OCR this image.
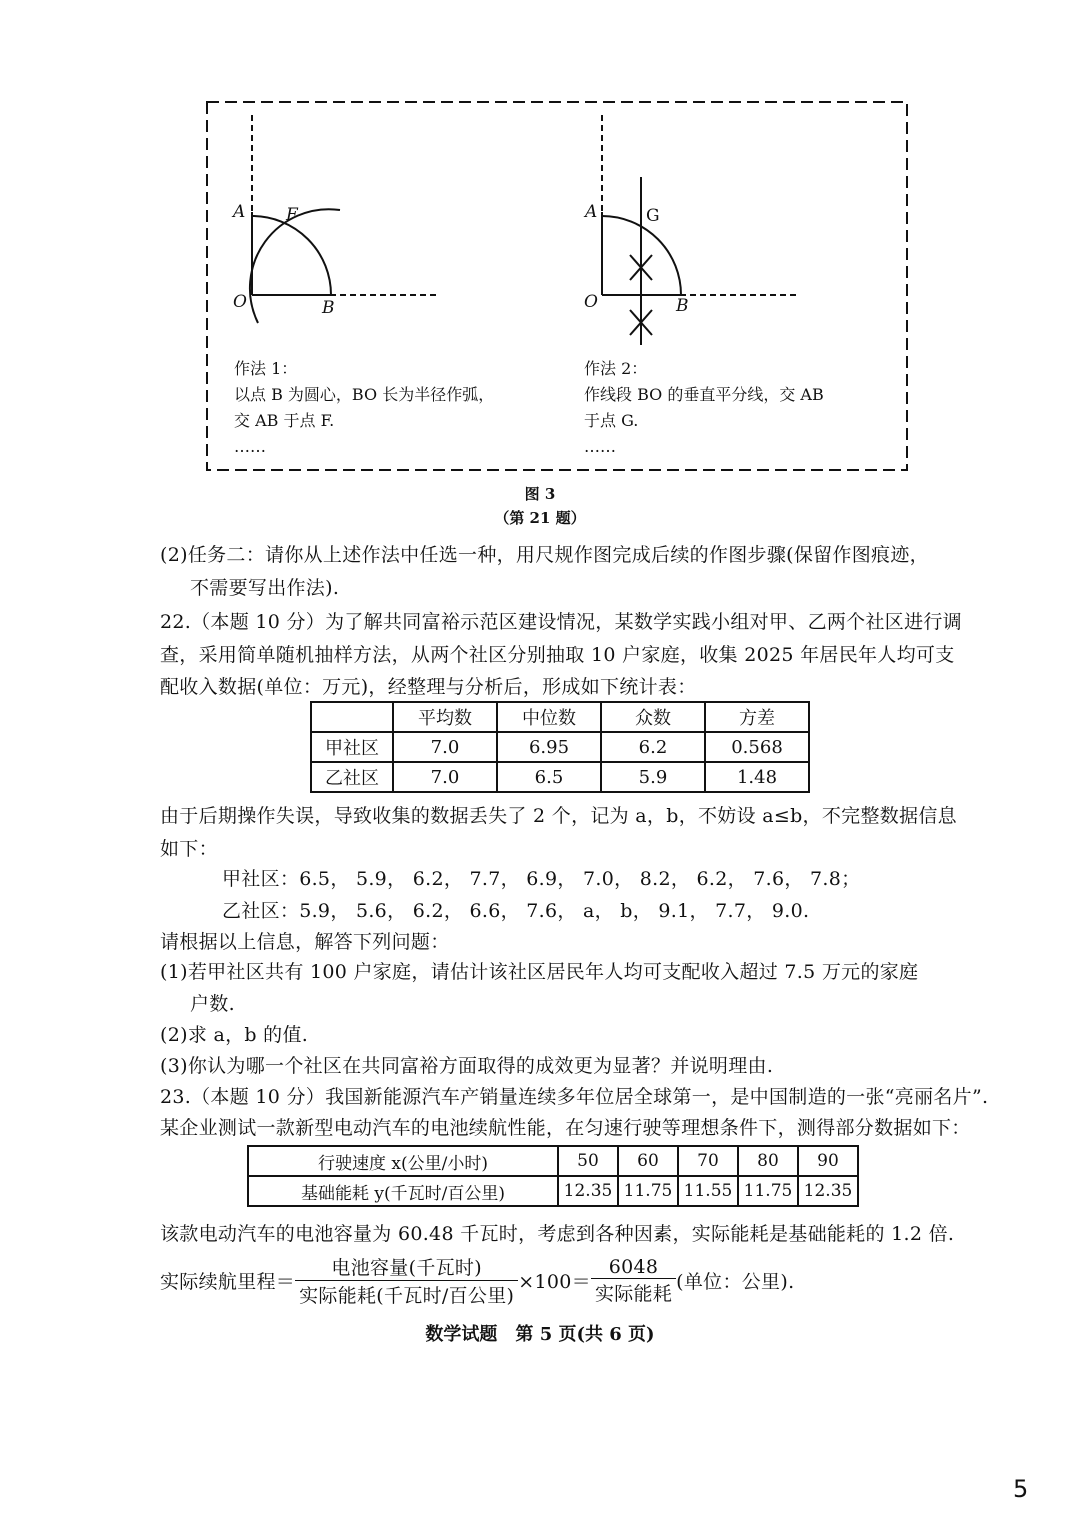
A F
O	B
A	G
O	B
作法 1：
以点 B 为圆心，BO 长为半径作弧，
交 AB 于点 F.
……
作法 2：
作线段 BO 的垂直平分线，交 AB
于点 G.
……
图 3
（第 21 题）
(2)任务二：请你从上述作法中任选一种，用尺规作图完成后续的作图步骤(保留作图痕迹，
不需要写出作法).
22.（本题 10 分）为了解共同富裕示范区建设情况，某数学实践小组对甲、乙两个社区进行调
查，采用简单随机抽样方法，从两个社区分别抽取 10 户家庭，收集 2025 年居民年人均可支
配收入数据(单位：万元)，经整理与分析后，形成如下统计表：
	平均数	中位数	众数	方差
甲社区	7.0	6.95	6.2	0.568
乙社区	7.0	6.5	5.9	1.48
由于后期操作失误，导致收集的数据丢失了 2 个，记为 a，b，不妨设 a≤b，不完整数据信息
如下：
甲社区：6.5， 5.9， 6.2， 7.7， 6.9， 7.0， 8.2， 6.2， 7.6， 7.8；
乙社区：5.9， 5.6， 6.2， 6.6， 7.6， a， b， 9.1， 7.7， 9.0.
请根据以上信息，解答下列问题：
(1)若甲社区共有 100 户家庭，请估计该社区居民年人均可支配收入超过 7.5 万元的家庭
户数.
(2)求 a，b 的值.
(3)你认为哪一个社区在共同富裕方面取得的成效更为显著？并说明理由.
23.（本题 10 分）我国新能源汽车产销量连续多年位居全球第一，是中国制造的一张“亮丽名片”.
某企业测试一款新型电动汽车的电池续航性能，在匀速行驶等理想条件下，测得部分数据如下：
行驶速度 x(公里/小时)	50	60	70	80	90
基础能耗 y(千瓦时/百公里)	12.35	11.75	11.55	11.75	12.35
该款电动汽车的电池容量为 60.48 千瓦时，考虑到各种因素，实际能耗是基础能耗的 1.2 倍.
实际续航里程＝ $\frac{\text{电池容量(千瓦时)}}{\text{实际能耗(千瓦时/百公里)}} \times 100= \frac{6048}{\text{实际能耗}}$ (单位：公里).
数学试题　第 5 页(共 6 页)
5
